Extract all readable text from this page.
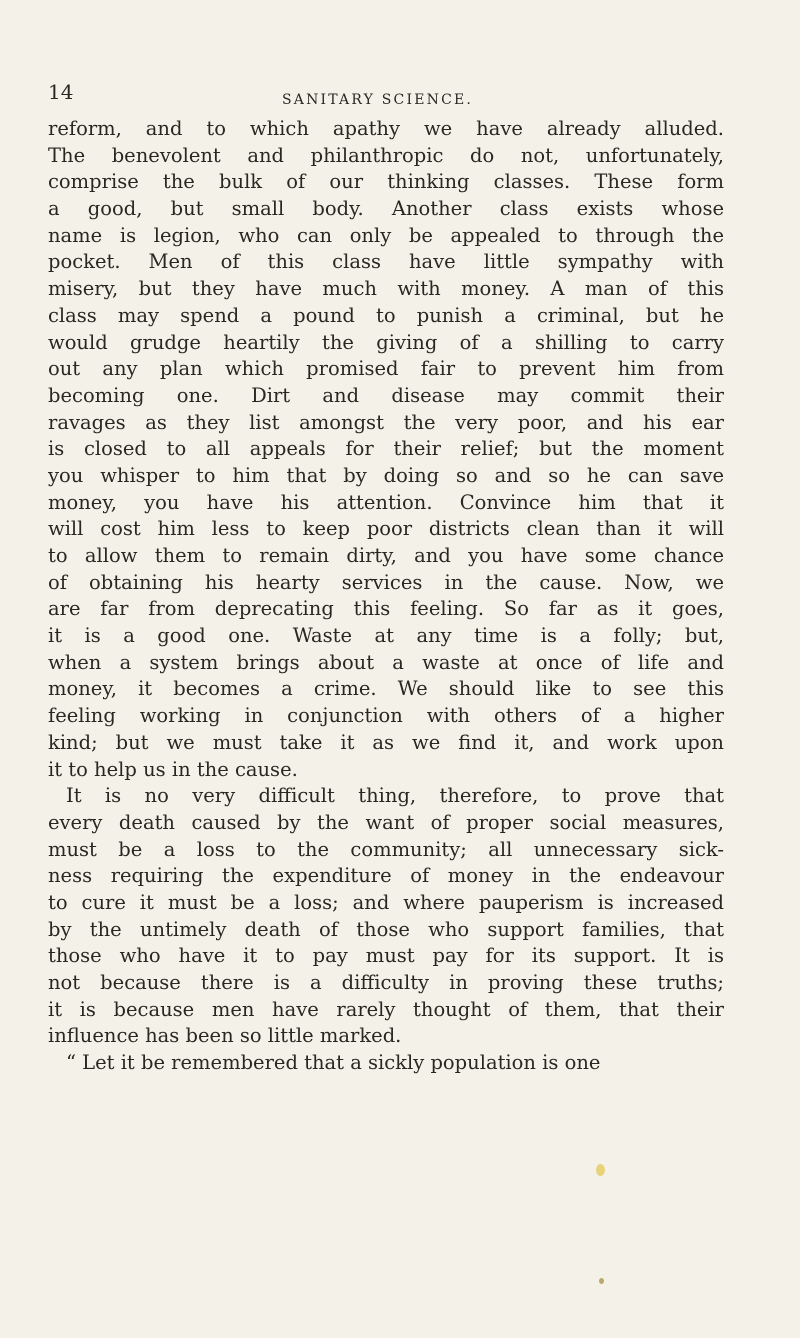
14	SANITARY SCIENCE.
reform, and to which apathy we have already alluded.
The benevolent and philanthropic do not, unfortunately,
comprise the bulk of our thinking classes. These form
a good, but small body. Another class exists whose
name is legion, who can only be appealed to through the
pocket. Men of this class have little sympathy with
misery, but they have much with money. A man of this
class may spend a pound to punish a criminal, but he
would grudge heartily the giving of a shilling to carry
out any plan which promised fair to prevent him from
becoming one. Dirt and disease may commit their
ravages as they list amongst the very poor, and his ear
is closed to all appeals for their relief; but the moment
you whisper to him that by doing so and so he can save
money, you have his attention. Convince him that it
will cost him less to keep poor districts clean than it will
to allow them to remain dirty, and you have some chance
of obtaining his hearty services in the cause. Now, we
are far from deprecating this feeling. So far as it goes,
it is a good one. Waste at any time is a folly; but,
when a system brings about a waste at once of life and
money, it becomes a crime. We should like to see this
feeling working in conjunction with others of a higher
kind; but we must take it as we find it, and work upon
it to help us in the cause.
It is no very difficult thing, therefore, to prove that
every death caused by the want of proper social measures,
must be a loss to the community; all unnecessary sick-
ness requiring the expenditure of money in the endeavour
to cure it must be a loss; and where pauperism is increased
by the untimely death of those who support families, that
those who have it to pay must pay for its support. It is
not because there is a difficulty in proving these truths;
it is because men have rarely thought of them, that their
influence has been so little marked.
“ Let it be remembered that a sickly population is one
